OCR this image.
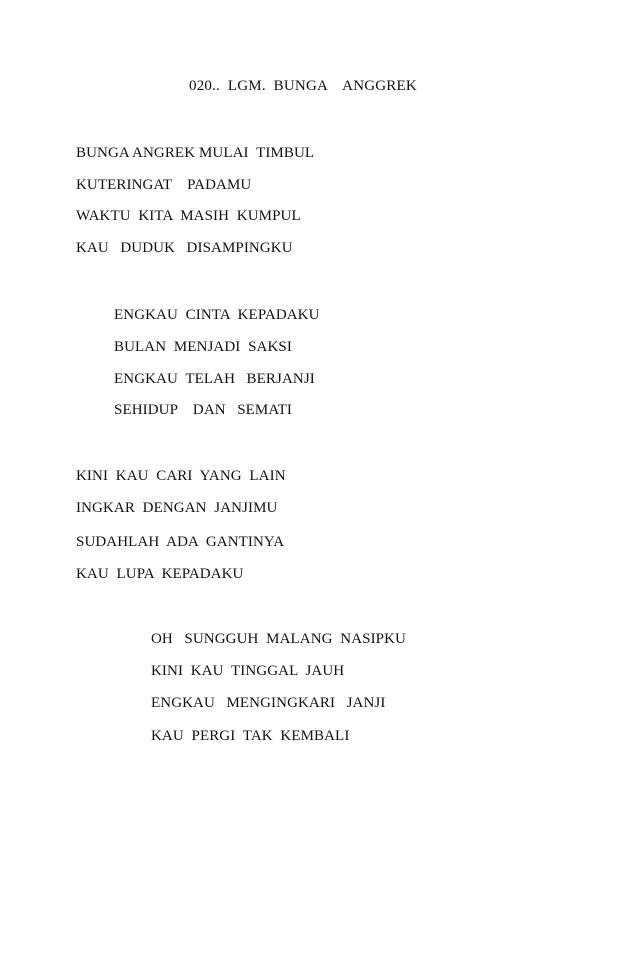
020..  LGM.  BUNGA    ANGGREK
BUNGA ANGREK MULAI  TIMBUL
KUTERINGAT    PADAMU
WAKTU  KITA  MASIH  KUMPUL
KAU   DUDUK   DISAMPINGKU
ENGKAU  CINTA  KEPADAKU
BULAN  MENJADI  SAKSI
ENGKAU  TELAH   BERJANJI
SEHIDUP    DAN   SEMATI
KINI  KAU  CARI  YANG  LAIN
INGKAR  DENGAN  JANJIMU
SUDAHLAH  ADA  GANTINYA
KAU  LUPA  KEPADAKU
OH   SUNGGUH  MALANG  NASIPKU
KINI  KAU  TINGGAL  JAUH
ENGKAU   MENGINGKARI   JANJI
KAU  PERGI  TAK  KEMBALI
